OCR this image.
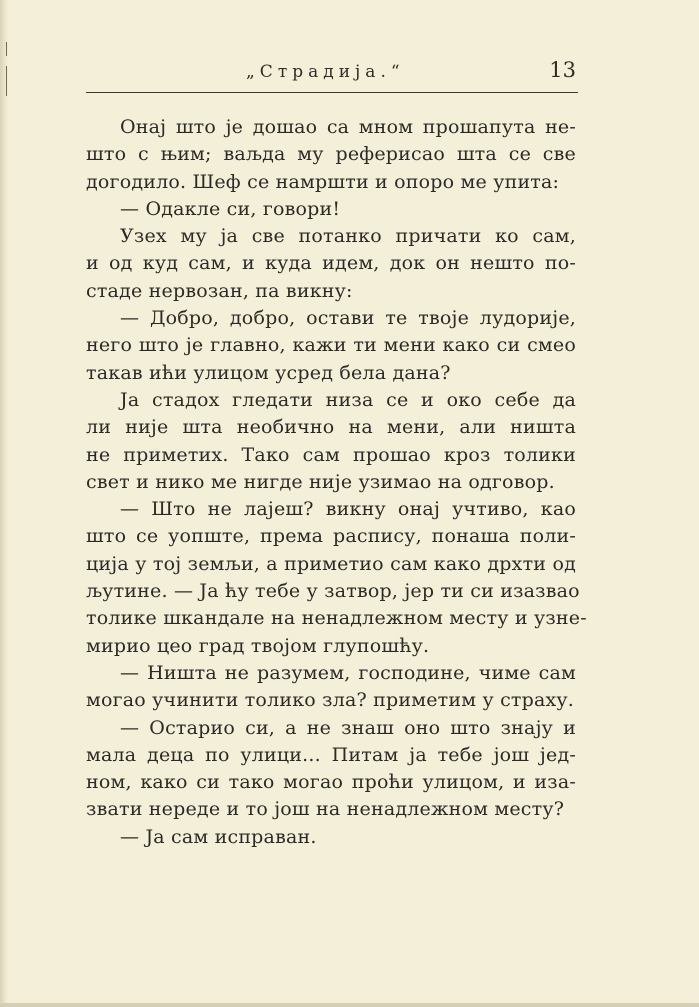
„Страдија.“	13
Онај што је дошао са мном прошапута не-
што с њим; ваљда му реферисао шта се све
догодило. Шеф се намршти и опоро ме упита:
— Одакле си, говори!
Узех му ја све потанко причати ко сам,
и од куд сам, и куда идем, док он нешто по-
стаде нервозан, па викну:
— Добро, добро, остави те твоје лудорије,
него што је главно, кажи ти мени како си смео
такав ићи улицом усред бела дана?
Ја стадох гледати низа се и око себе да
ли није шта необично на мени, али ништа
не приметих. Тако сам прошао кроз толики
свет и нико ме нигде није узимао на одговор.
— Што не лајеш? викну онај учтиво, као
што се уопште, према распису, понаша поли-
ција у тој земљи, а приметио сам како дрхти од
љутине. — Ја ћу тебе у затвор, јер ти си изазвао
толике шкандале на ненадлежном месту и узне-
мирио цео град твојом глупошћу.
— Ништа не разумем, господине, чиме сам
могао учинити толико зла? приметим у страху.
— Остарио си, а не знаш оно што знају и
мала деца по улици... Питам ја тебе још јед-
ном, како си тако могао проћи улицом, и иза-
звати нереде и то још на ненадлежном месту?
— Ја сам исправан.
